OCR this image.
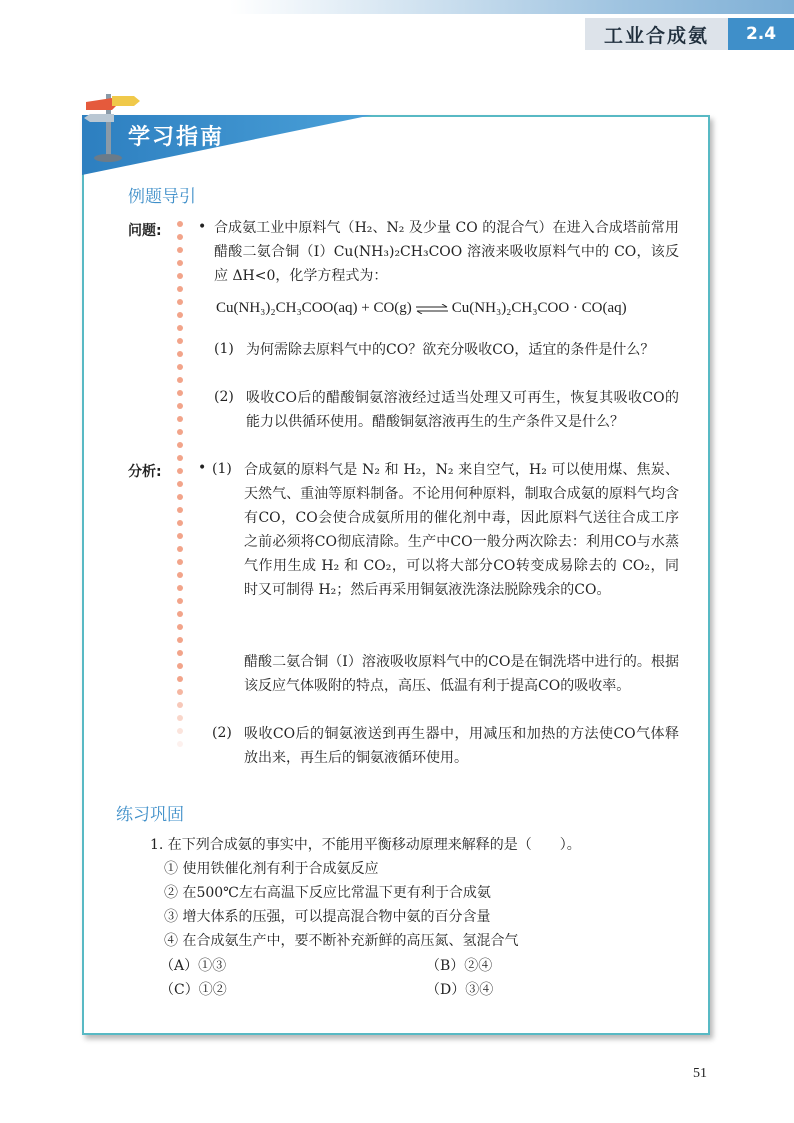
工业合成氨	2.4
学习指南
例题导引
问题:	• 合成氨工业中原料气（H₂、N₂ 及少量 CO 的混合气）在进入合成塔前常用醋酸二氨合铜（Ⅰ）Cu(NH₃)₂CH₃COO 溶液来吸收原料气中的 CO，该反应 ΔH<0，化学方程式为：
Cu(NH₃)₂CH₃COO(aq) + CO(g) ⇌ Cu(NH₃)₂CH₃COO · CO(aq)
(1) 为何需除去原料气中的CO？欲充分吸收CO，适宜的条件是什么？
(2) 吸收CO后的醋酸铜氨溶液经过适当处理又可再生，恢复其吸收CO的能力以供循环使用。醋酸铜氨溶液再生的生产条件又是什么？
分析:	• (1) 合成氨的原料气是 N₂ 和 H₂，N₂ 来自空气，H₂ 可以使用煤、焦炭、天然气、重油等原料制备。不论用何种原料，制取合成氨的原料气均含有CO，CO会使合成氨所用的催化剂中毒，因此原料气送往合成工序之前必须将CO彻底清除。生产中CO一般分两次除去：利用CO与水蒸气作用生成 H₂ 和 CO₂，可以将大部分CO转变成易除去的 CO₂，同时又可制得 H₂；然后再采用铜氨液洗涤法脱除残余的CO。
醋酸二氨合铜（Ⅰ）溶液吸收原料气中的CO是在铜洗塔中进行的。根据该反应气体吸附的特点，高压、低温有利于提高CO的吸收率。
(2) 吸收CO后的铜氨液送到再生器中，用减压和加热的方法使CO气体释放出来，再生后的铜氨液循环使用。
练习巩固
1. 在下列合成氨的事实中，不能用平衡移动原理来解释的是（　　）。
① 使用铁催化剂有利于合成氨反应
② 在500℃左右高温下反应比常温下更有利于合成氨
③ 增大体系的压强，可以提高混合物中氨的百分含量
④ 在合成氨生产中，要不断补充新鲜的高压氮、氢混合气
（A）①③	（B）②④
（C）①②	（D）③④
51
